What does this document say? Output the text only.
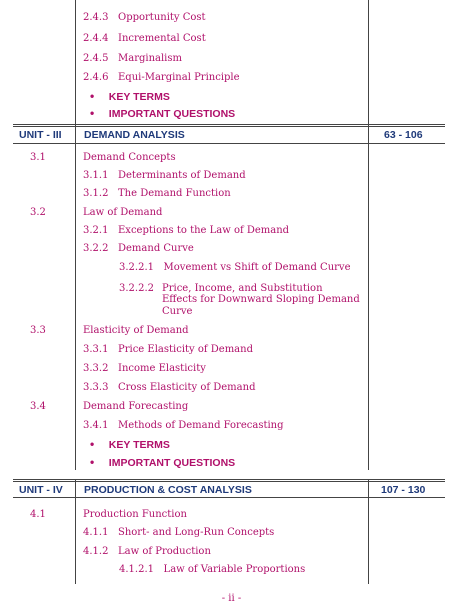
2.4.3 Opportunity Cost
2.4.4 Incremental Cost
2.4.5 Marginalism
2.4.6 Equi-Marginal Principle
• KEY TERMS
• IMPORTANT QUESTIONS
UNIT - III DEMAND ANALYSIS	63 - 106
3.1	Demand Concepts
3.1.1 Determinants of Demand
3.1.2 The Demand Function
3.2	Law of Demand
3.2.1 Exceptions to the Law of Demand
3.2.2 Demand Curve
3.2.2.1 Movement vs Shift of Demand Curve
3.2.2.2 Price, Income, and Substitution
Effects for Downward Sloping Demand
Curve
3.3	Elasticity of Demand
3.3.1 Price Elasticity of Demand
3.3.2 Income Elasticity
3.3.3 Cross Elasticity of Demand
3.4	Demand Forecasting
3.4.1 Methods of Demand Forecasting
• KEY TERMS
• IMPORTANT QUESTIONS
UNIT - IV PRODUCTION & COST ANALYSIS	107 - 130
4.1	Production Function
4.1.1 Short- and Long-Run Concepts
4.1.2 Law of Production
4.1.2.1 Law of Variable Proportions
- ii -
